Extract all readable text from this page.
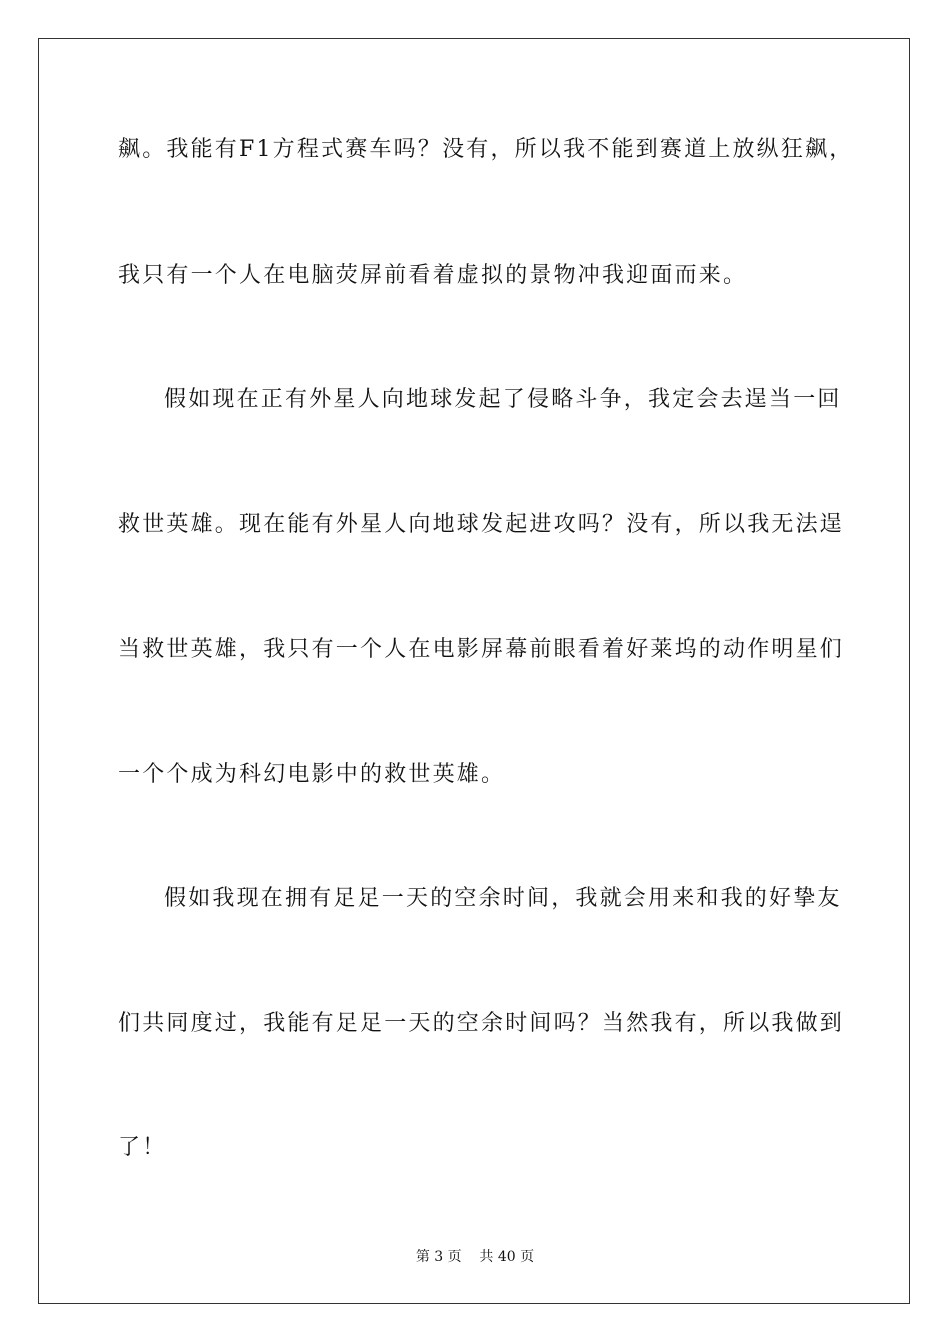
飙。我能有F1方程式赛车吗？没有，所以我不能到赛道上放纵狂飙，
我只有一个人在电脑荧屏前看着虚拟的景物冲我迎面而来。
假如现在正有外星人向地球发起了侵略斗争，我定会去逞当一回
救世英雄。现在能有外星人向地球发起进攻吗？没有，所以我无法逞
当救世英雄，我只有一个人在电影屏幕前眼看着好莱坞的动作明星们
一个个成为科幻电影中的救世英雄。
假如我现在拥有足足一天的空余时间，我就会用来和我的好挚友
们共同度过，我能有足足一天的空余时间吗？当然我有，所以我做到
了！
第 3 页    共 40 页
